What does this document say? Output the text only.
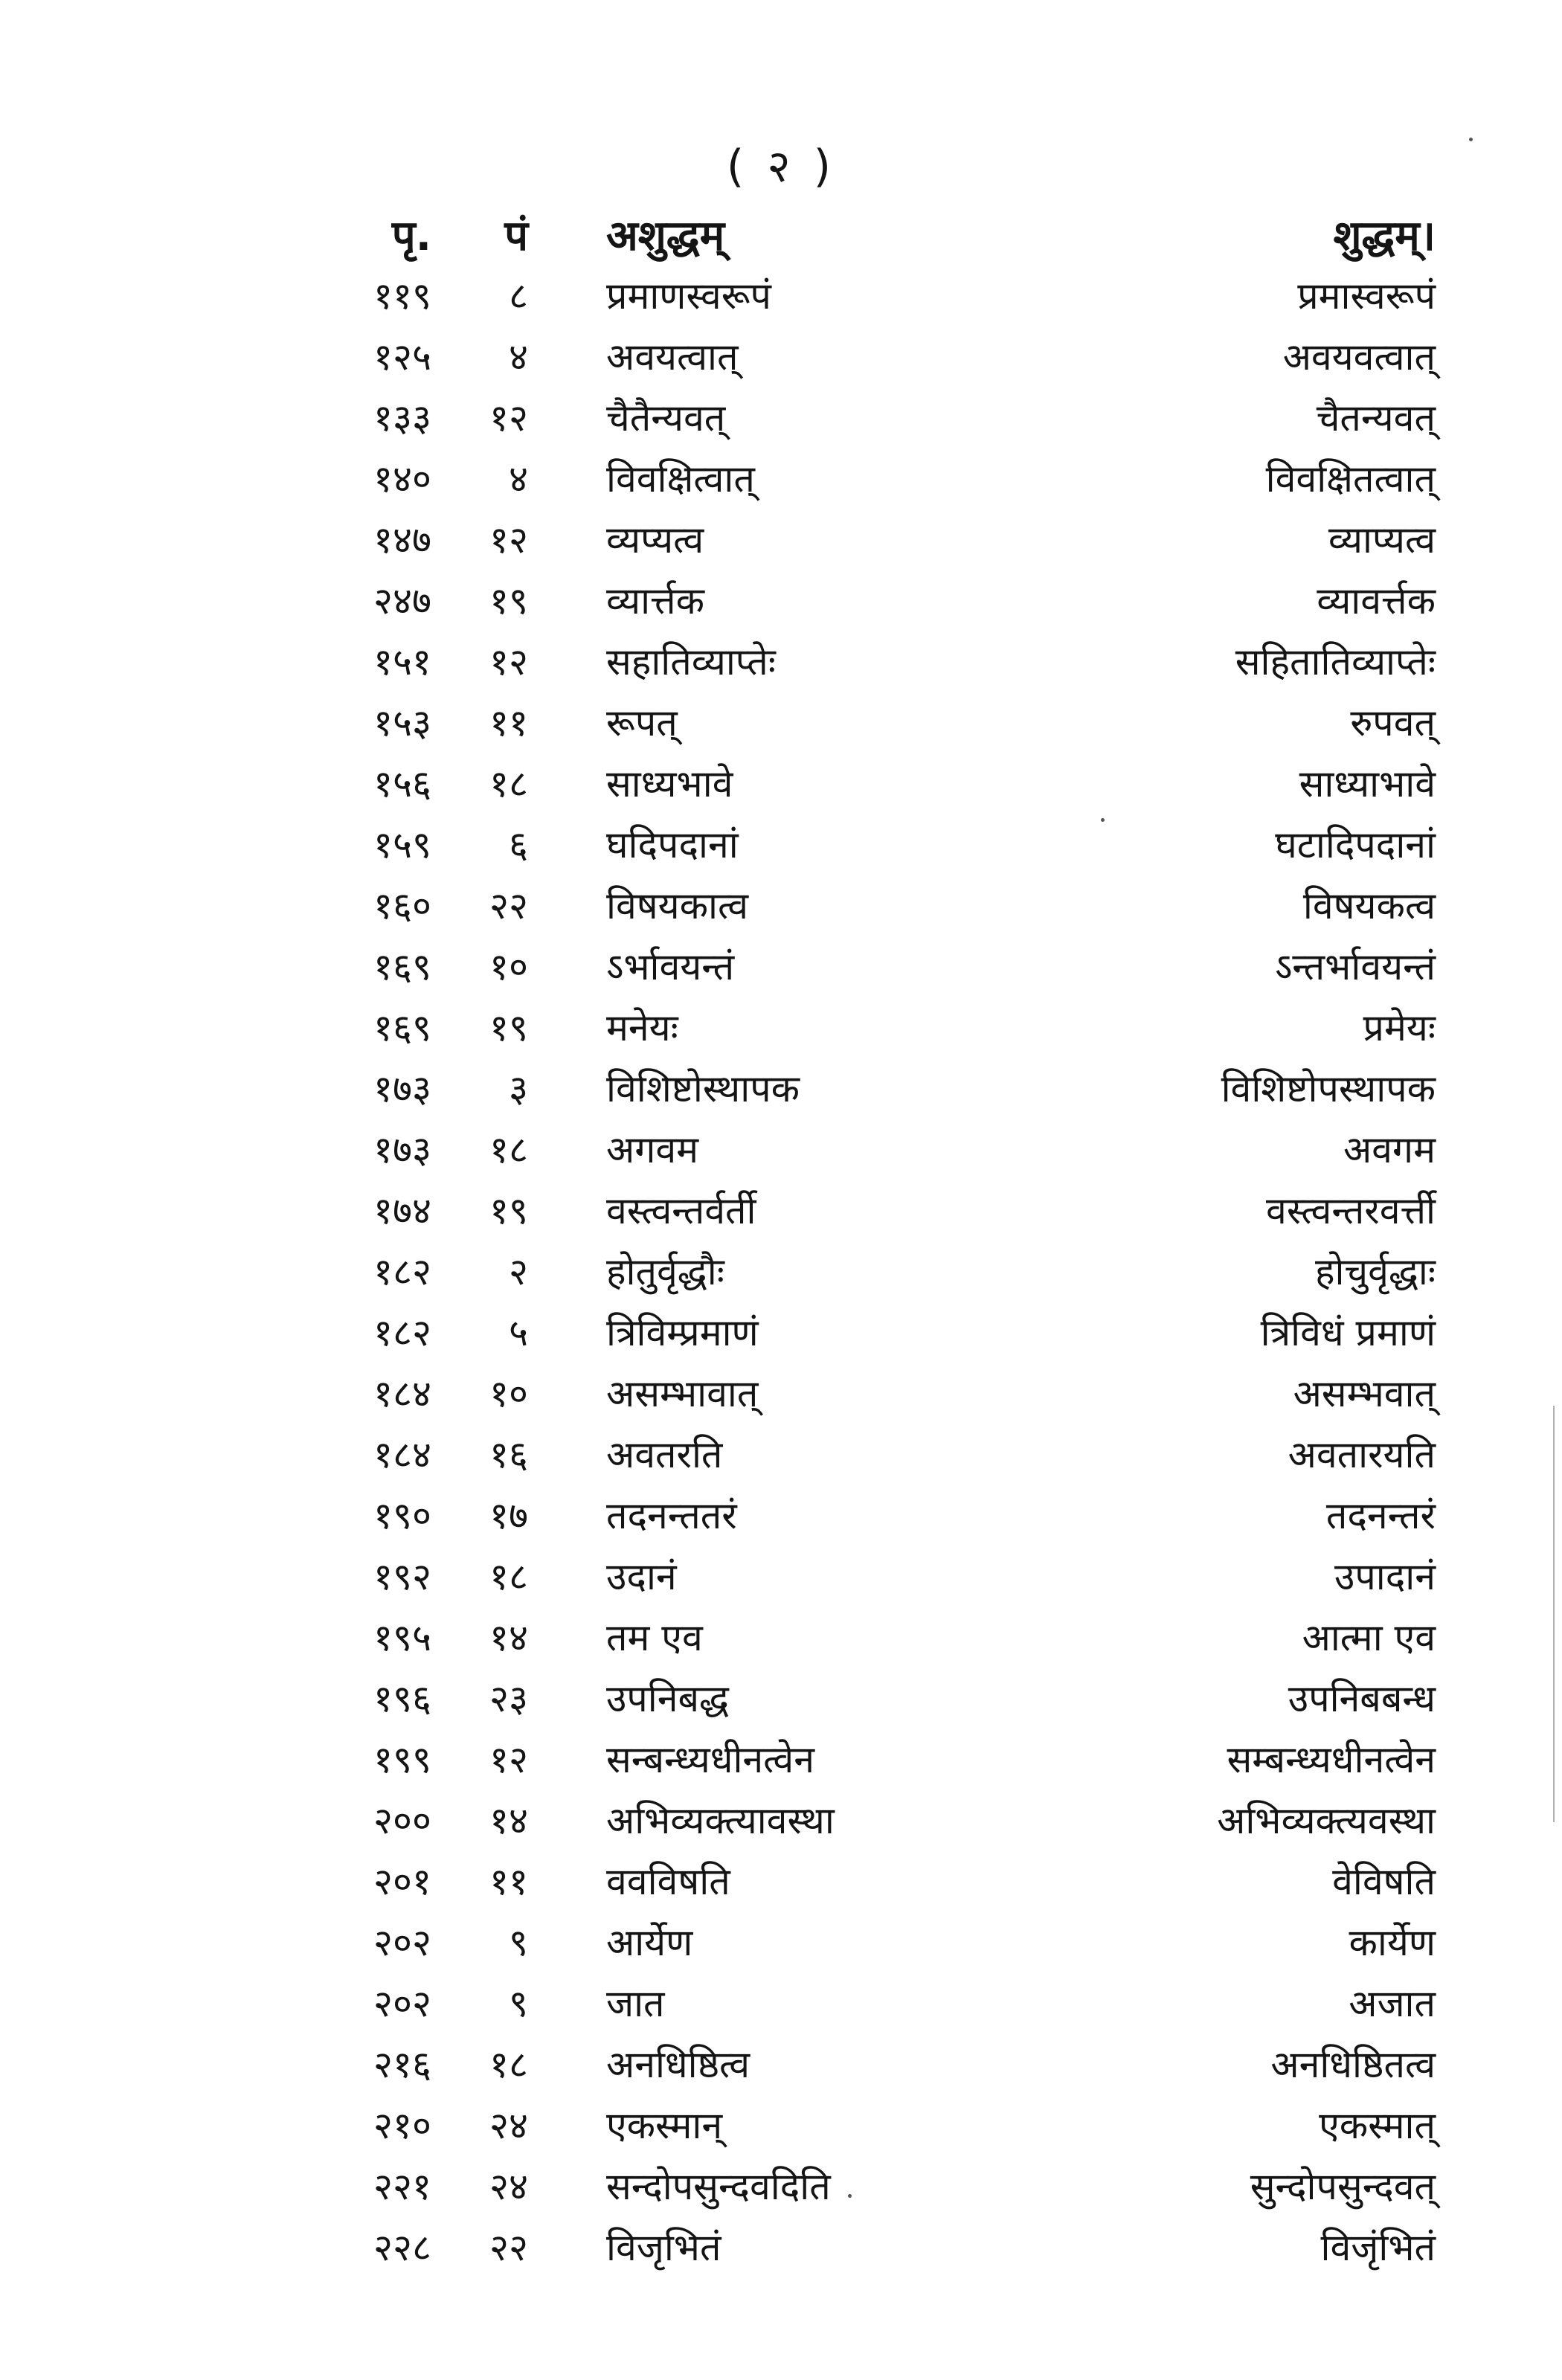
( २ )
पृ. पं अशुद्धम्	शुद्धम्।
११९ ८ प्रमाणस्वरूपं	प्रमास्वरूपं
१२५ ४ अवयत्वात्	अवयवत्वात्
१३३ १२ चैतैन्यवत्	चैतन्यवत्
१४० ४ विवक्षित्वात्	विवक्षितत्वात्
१४७ १२ व्यप्यत्व	व्याप्यत्व
२४७ १९ व्यार्त्तक	व्यावर्त्तक
१५१ १२ सहातिव्याप्तेः	सहितातिव्याप्तेः
१५३ ११ रूपत्	रुपवत्
१५६ १८ साध्यभावे	साध्याभावे
१५९ ६ घदिपदानां	घटादिपदानां
१६० २२ विषयकात्व	विषयकत्व
१६९ १० ऽर्भावयन्तं	ऽन्तर्भावयन्तं
१६९ १९ मनेयः	प्रमेयः
१७३ ३ विशिष्टोस्थापक	विशिष्टोपस्थापक
१७३ १८ अगवम	अवगम
१७४ १९ वस्त्वन्तर्वर्ती	वस्त्वन्तरवर्त्ती
१८२ २ होतुर्वृद्धौः	होचुर्वृद्धाः
१८२ ५ त्रिविम्प्रमाणं	त्रिविधं प्रमाणं
१८४ १० असम्भावात्	असम्भवात्
१८४ १६ अवतरति	अवतारयति
१९० १७ तदनन्ततरं	तदनन्तरं
१९२ १८ उदानं	उपादानं
१९५ १४ तम एव	आत्मा एव
१९६ २३ उपनिबद्ध	उपनिबबन्ध
१९९ १२ सन्बन्ध्यधीनत्वेन	सम्बन्ध्यधीनत्वेन
२०० १४ अभिव्यक्त्यावस्था	अभिव्यक्त्यवस्था
२०१ ११ ववविषति	वेविषति
२०२ ९ आर्येण	कार्येण
२०२ ९ जात	अजात
२१६ १८ अनधिष्ठित्व	अनधिष्ठितत्व
२१० २४ एकस्मान्	एकस्मात्
२२१ २४ सन्दोपसुन्दवदिति	सुन्दोपसुन्दवत्
२२८ २२ विजृभितं	विजृंभितं
